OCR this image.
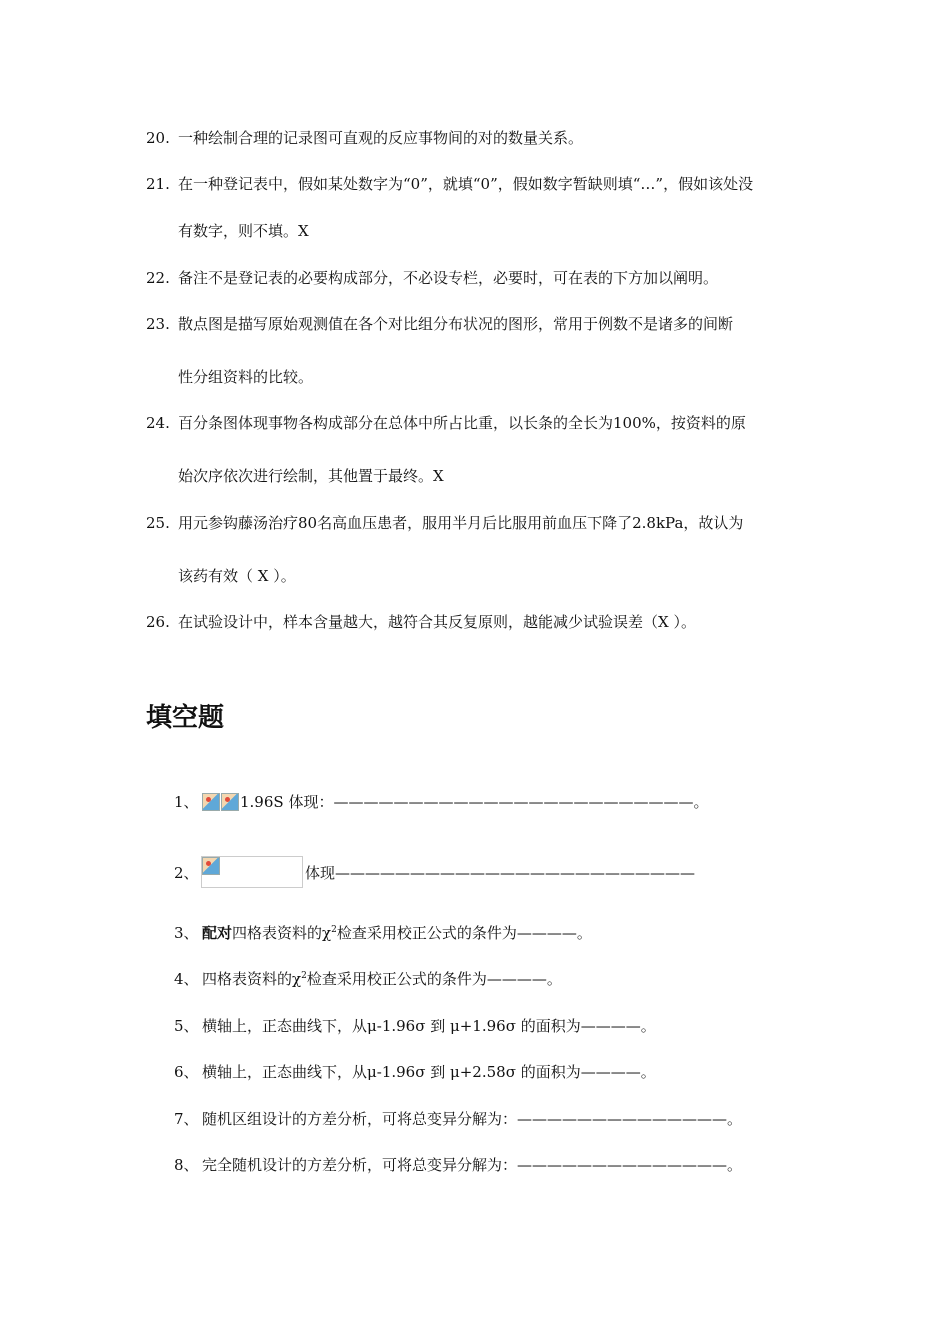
20. 一种绘制合理的记录图可直观的反应事物间的对的数量关系。
21. 在一种登记表中，假如某处数字为“0”，就填“0”，假如数字暂缺则填“…”，假如该处没
有数字，则不填。X
22. 备注不是登记表的必要构成部分，不必设专栏，必要时，可在表的下方加以阐明。
23. 散点图是描写原始观测值在各个对比组分布状况的图形，常用于例数不是诸多的间断
性分组资料的比较。
24. 百分条图体现事物各构成部分在总体中所占比重，以长条的全长为100%，按资料的原
始次序依次进行绘制，其他置于最终。X
25. 用元参钩藤汤治疗80名高血压患者，服用半月后比服用前血压下降了2.8kPa，故认为
该药有效（ X ）。
26. 在试验设计中，样本含量越大，越符合其反复原则，越能减少试验误差（X ）。
填空题
1、	1.96S 体现：————————————————————————。
2、	体现————————————————————————
3、 配对四格表资料的$\chi^2$检查采用校正公式的条件为————。
4、 四格表资料的$\chi^2$检查采用校正公式的条件为————。
5、 横轴上，正态曲线下，从μ-1.96σ 到 μ+1.96σ 的面积为————。
6、 横轴上，正态曲线下，从μ-1.96σ 到 μ+2.58σ 的面积为————。
7、 随机区组设计的方差分析，可将总变异分解为：——————————————。
8、 完全随机设计的方差分析，可将总变异分解为：——————————————。
